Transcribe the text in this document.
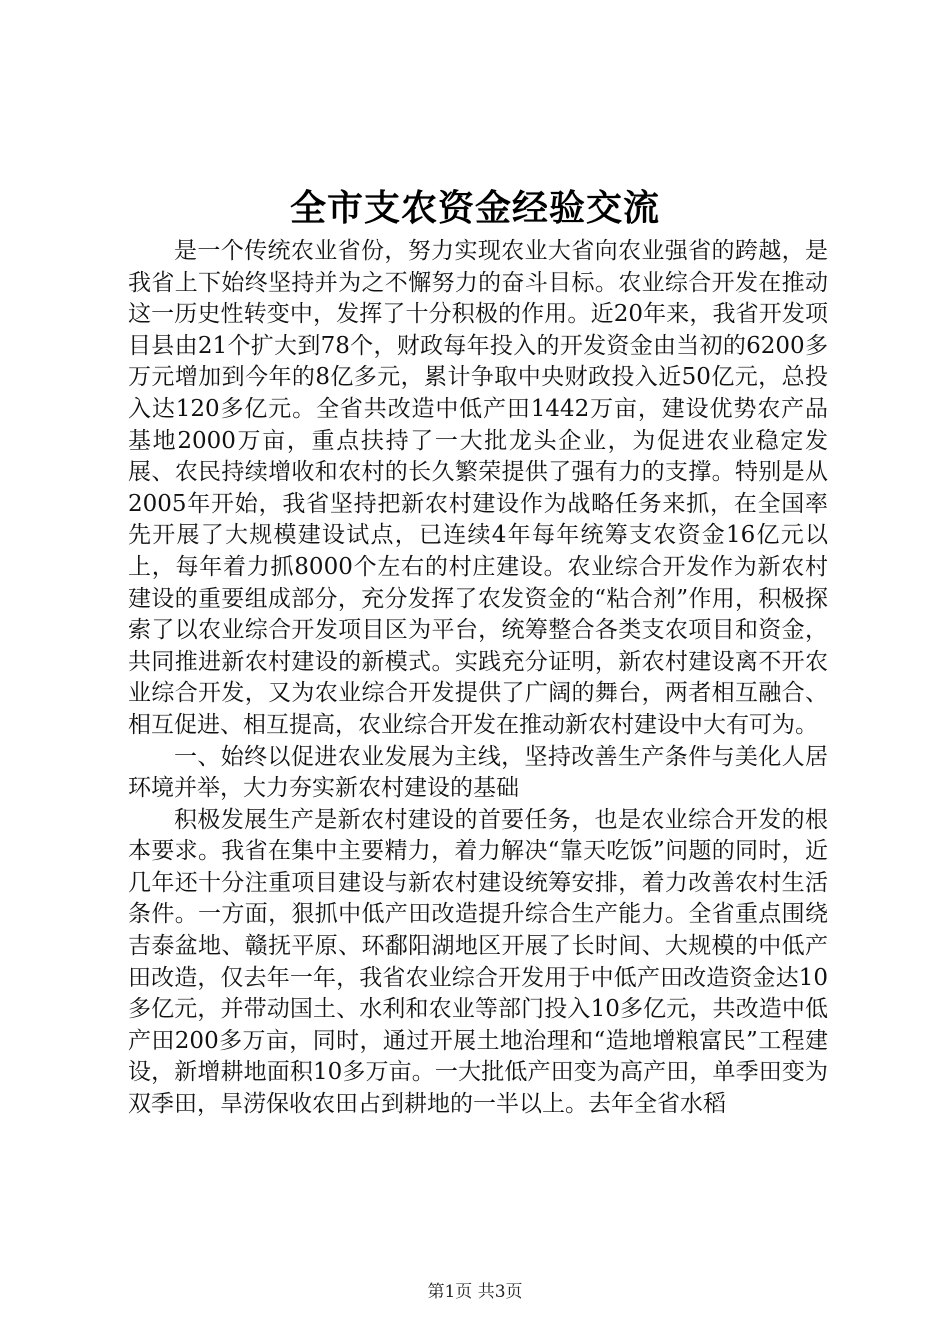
全市支农资金经验交流

是一个传统农业省份，努力实现农业大省向农业强省的跨越，是我省上下始终坚持并为之不懈努力的奋斗目标。农业综合开发在推动这一历史性转变中，发挥了十分积极的作用。近20年来，我省开发项目县由21个扩大到78个，财政每年投入的开发资金由当初的6200多万元增加到今年的8亿多元，累计争取中央财政投入近50亿元，总投入达120多亿元。全省共改造中低产田1442万亩，建设优势农产品基地2000万亩，重点扶持了一大批龙头企业，为促进农业稳定发展、农民持续增收和农村的长久繁荣提供了强有力的支撑。特别是从2005年开始，我省坚持把新农村建设作为战略任务来抓，在全国率先开展了大规模建设试点，已连续4年每年统筹支农资金16亿元以上，每年着力抓8000个左右的村庄建设。农业综合开发作为新农村建设的重要组成部分，充分发挥了农发资金的“粘合剂”作用，积极探索了以农业综合开发项目区为平台，统筹整合各类支农项目和资金，共同推进新农村建设的新模式。实践充分证明，新农村建设离不开农业综合开发，又为农业综合开发提供了广阔的舞台，两者相互融合、相互促进、相互提高，农业综合开发在推动新农村建设中大有可为。

一、始终以促进农业发展为主线，坚持改善生产条件与美化人居环境并举，大力夯实新农村建设的基础

积极发展生产是新农村建设的首要任务，也是农业综合开发的根本要求。我省在集中主要精力，着力解决“靠天吃饭”问题的同时，近几年还十分注重项目建设与新农村建设统筹安排，着力改善农村生活条件。一方面，狠抓中低产田改造提升综合生产能力。全省重点围绕吉泰盆地、赣抚平原、环鄱阳湖地区开展了长时间、大规模的中低产田改造，仅去年一年，我省农业综合开发用于中低产田改造资金达10多亿元，并带动国土、水利和农业等部门投入10多亿元，共改造中低产田200多万亩，同时，通过开展土地治理和“造地增粮富民”工程建设，新增耕地面积10多万亩。一大批低产田变为高产田，单季田变为双季田，旱涝保收农田占到耕地的一半以上。去年全省水稻

第1页 共3页
